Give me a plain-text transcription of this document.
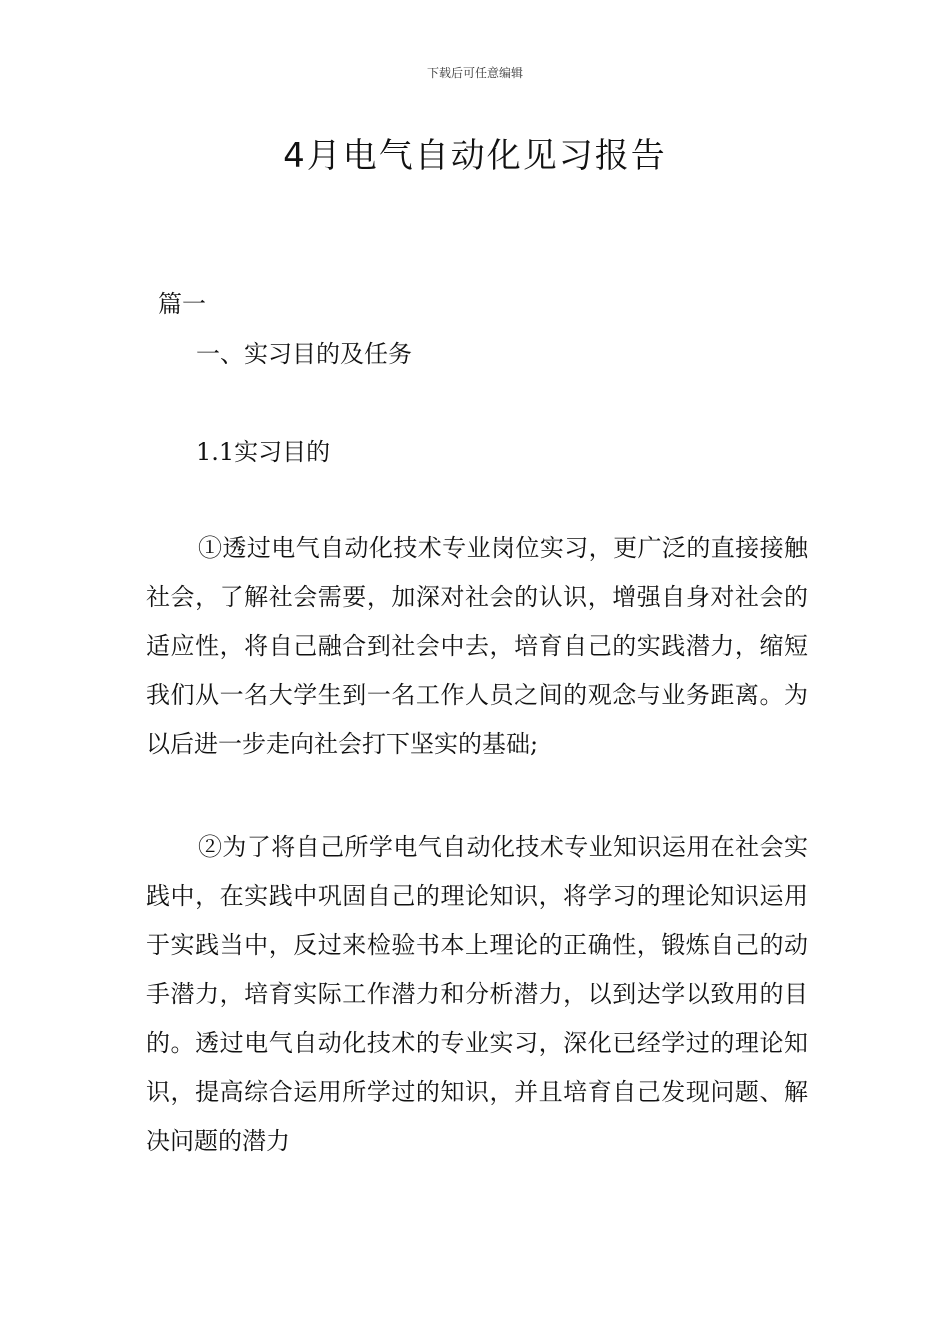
下载后可任意编辑
4月电气自动化见习报告
篇一
一、实习目的及任务
1.1实习目的

①透过电气自动化技术专业岗位实习，更广泛的直接接触社会，了解社会需要，加深对社会的认识，增强自身对社会的适应性，将自己融合到社会中去，培育自己的实践潜力，缩短我们从一名大学生到一名工作人员之间的观念与业务距离。为以后进一步走向社会打下坚实的基础;

②为了将自己所学电气自动化技术专业知识运用在社会实践中，在实践中巩固自己的理论知识，将学习的理论知识运用于实践当中，反过来检验书本上理论的正确性，锻炼自己的动手潜力，培育实际工作潜力和分析潜力，以到达学以致用的目的。透过电气自动化技术的专业实习，深化已经学过的理论知识，提高综合运用所学过的知识，并且培育自己发现问题、解决问题的潜力
